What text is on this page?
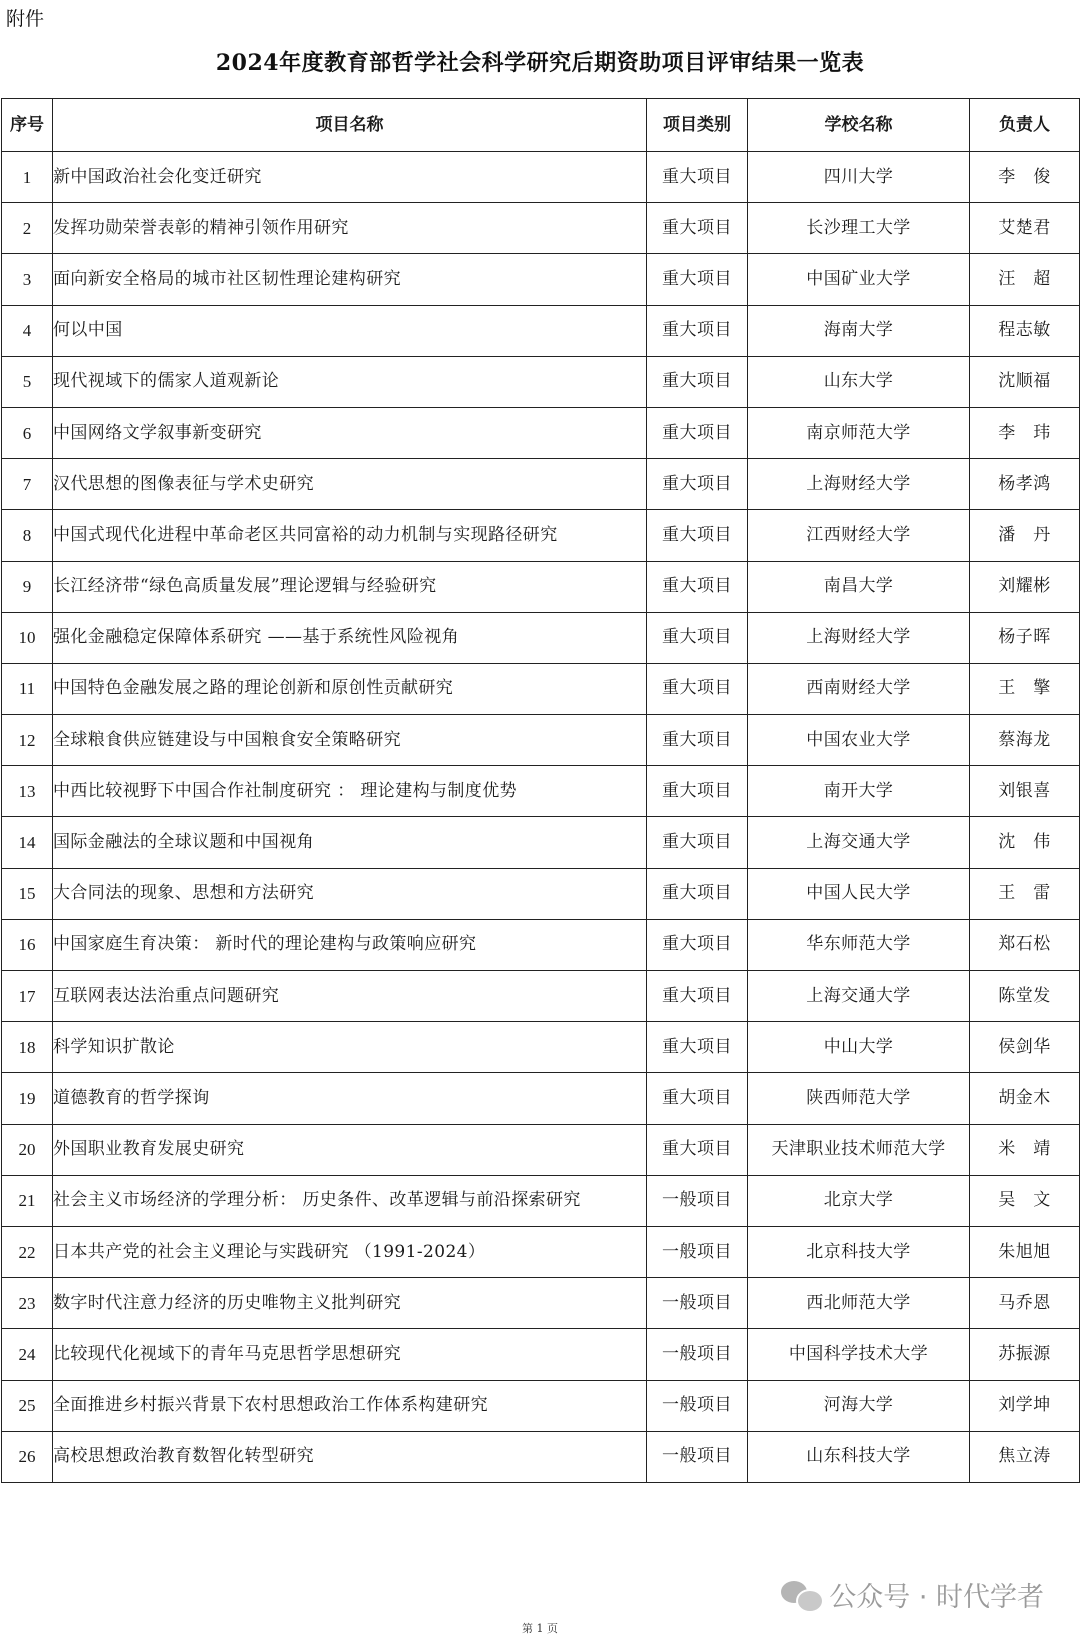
附件
2024年度教育部哲学社会科学研究后期资助项目评审结果一览表
序号	项目名称	项目类别	学校名称	负责人
1	新中国政治社会化变迁研究	重大项目	四川大学	李　俊
2	发挥功勋荣誉表彰的精神引领作用研究	重大项目	长沙理工大学	艾楚君
3	面向新安全格局的城市社区韧性理论建构研究	重大项目	中国矿业大学	汪　超
4	何以中国	重大项目	海南大学	程志敏
5	现代视域下的儒家人道观新论	重大项目	山东大学	沈顺福
6	中国网络文学叙事新变研究	重大项目	南京师范大学	李　玮
7	汉代思想的图像表征与学术史研究	重大项目	上海财经大学	杨孝鸿
8	中国式现代化进程中革命老区共同富裕的动力机制与实现路径研究	重大项目	江西财经大学	潘　丹
9	长江经济带“绿色高质量发展”理论逻辑与经验研究	重大项目	南昌大学	刘耀彬
10	强化金融稳定保障体系研究 ——基于系统性风险视角	重大项目	上海财经大学	杨子晖
11	中国特色金融发展之路的理论创新和原创性贡献研究	重大项目	西南财经大学	王　擎
12	全球粮食供应链建设与中国粮食安全策略研究	重大项目	中国农业大学	蔡海龙
13	中西比较视野下中国合作社制度研究 ： 理论建构与制度优势	重大项目	南开大学	刘银喜
14	国际金融法的全球议题和中国视角	重大项目	上海交通大学	沈　伟
15	大合同法的现象、思想和方法研究	重大项目	中国人民大学	王　雷
16	中国家庭生育决策： 新时代的理论建构与政策响应研究	重大项目	华东师范大学	郑石松
17	互联网表达法治重点问题研究	重大项目	上海交通大学	陈堂发
18	科学知识扩散论	重大项目	中山大学	侯剑华
19	道德教育的哲学探询	重大项目	陕西师范大学	胡金木
20	外国职业教育发展史研究	重大项目	天津职业技术师范大学	米　靖
21	社会主义市场经济的学理分析： 历史条件、改革逻辑与前沿探索研究	一般项目	北京大学	吴　文
22	日本共产党的社会主义理论与实践研究 （1991-2024）	一般项目	北京科技大学	朱旭旭
23	数字时代注意力经济的历史唯物主义批判研究	一般项目	西北师范大学	马乔恩
24	比较现代化视域下的青年马克思哲学思想研究	一般项目	中国科学技术大学	苏振源
25	全面推进乡村振兴背景下农村思想政治工作体系构建研究	一般项目	河海大学	刘学坤
26	高校思想政治教育数智化转型研究	一般项目	山东科技大学	焦立涛
公众号 · 时代学者
第 1 页
